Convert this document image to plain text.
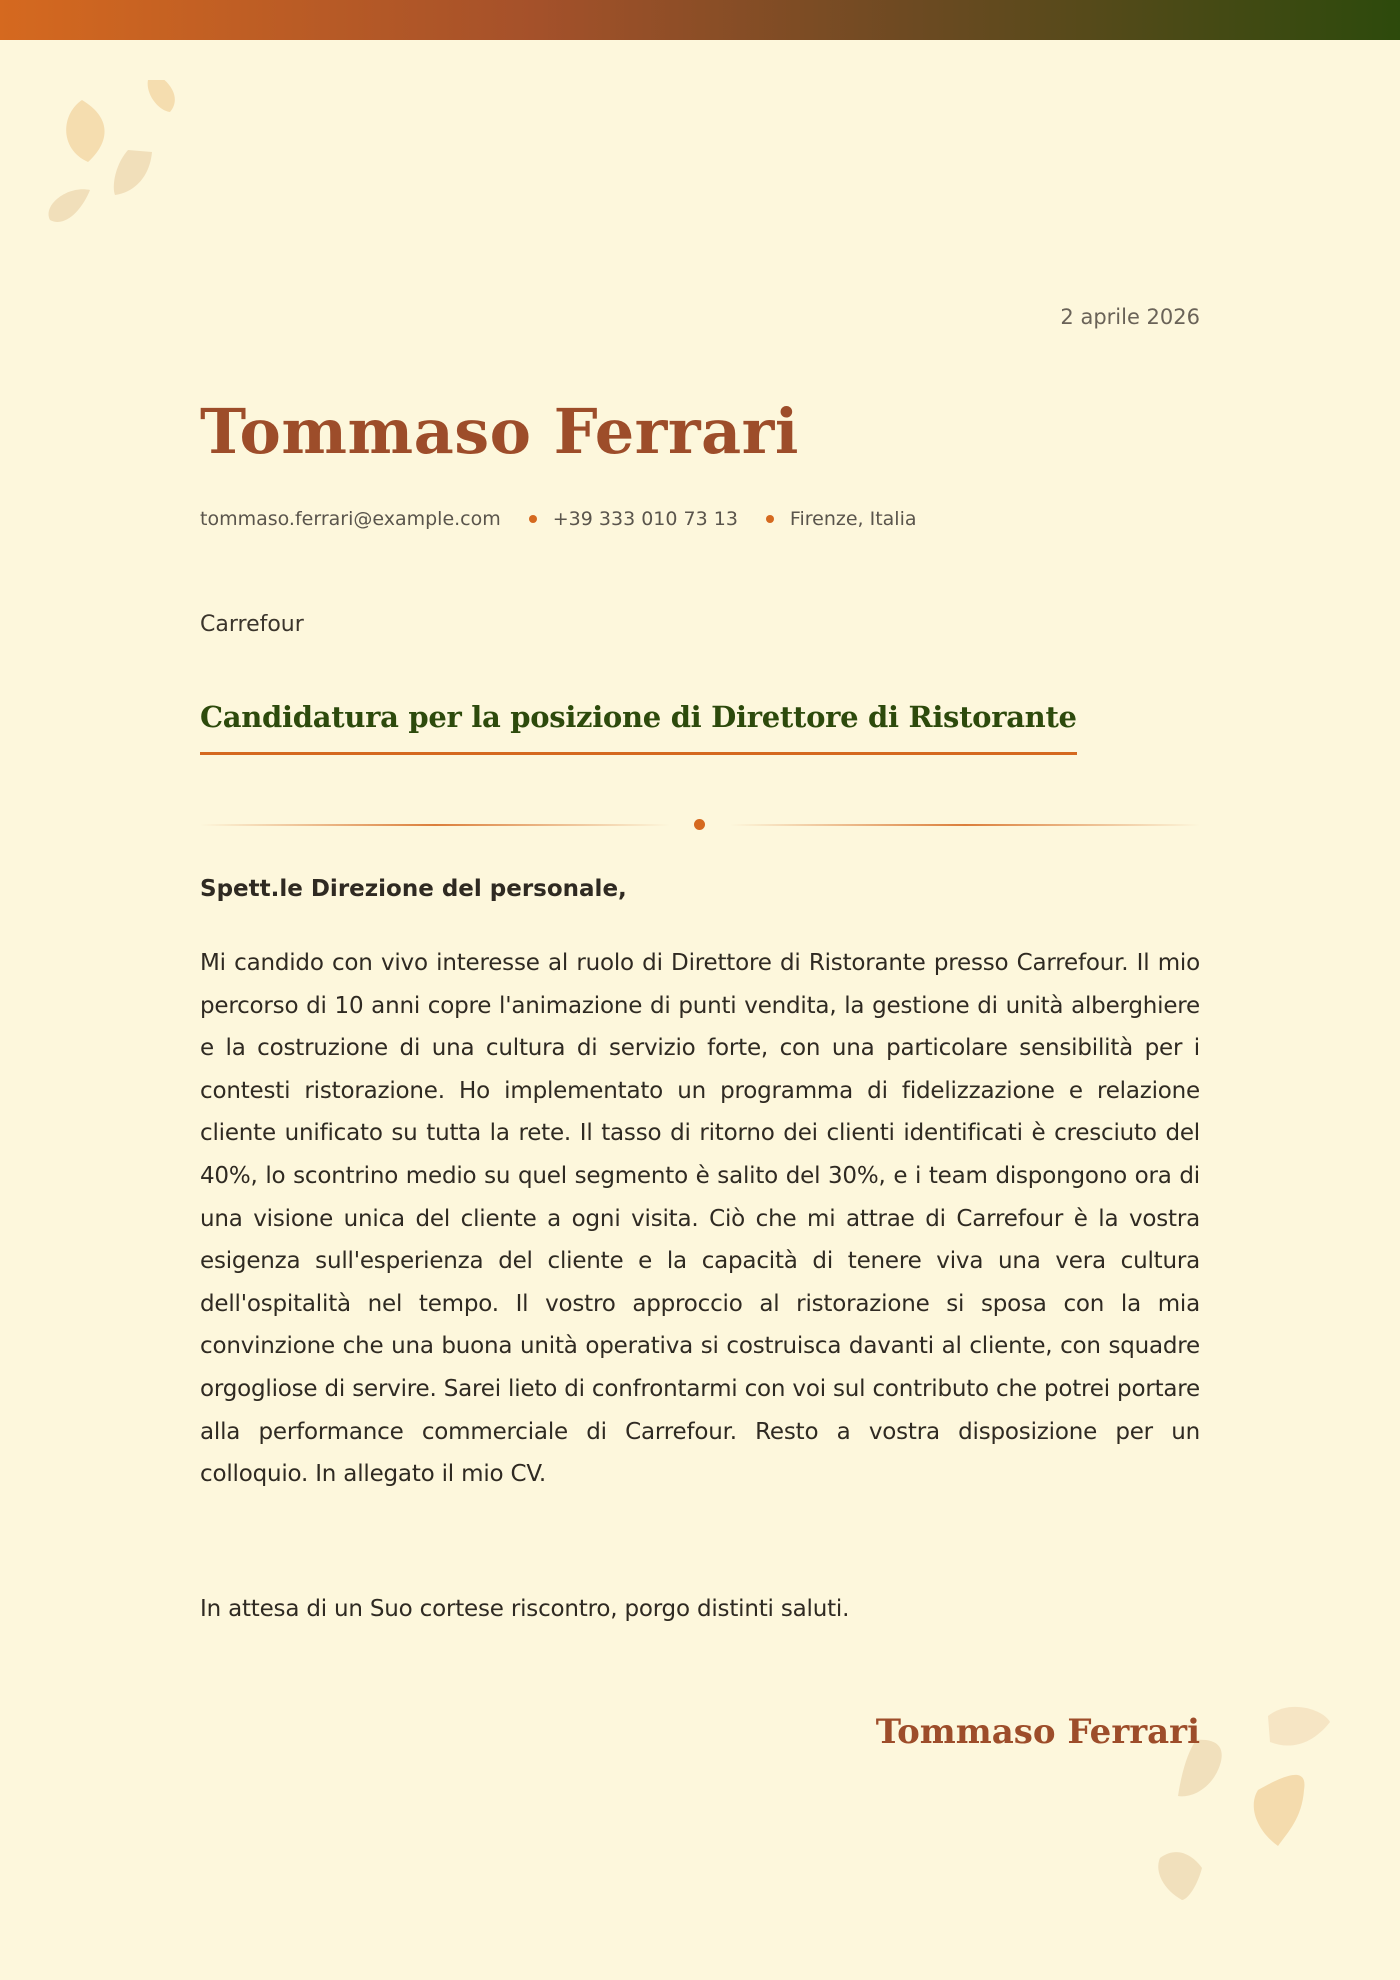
2 aprile 2026
Tommaso Ferrari
tommaso.ferrari@example.com	+39 333 010 73 13	Firenze, Italia
Carrefour
Candidatura per la posizione di Direttore di Ristorante
Spett.le Direzione del personale,

Mi candido con vivo interesse al ruolo di Direttore di Ristorante presso Carrefour. Il mio percorso di 10 anni copre l'animazione di punti vendita, la gestione di unità alberghiere e la costruzione di una cultura di servizio forte, con una particolare sensibilità per i contesti ristorazione. Ho implementato un programma di fidelizzazione e relazione cliente unificato su tutta la rete. Il tasso di ritorno dei clienti identificati è cresciuto del 40%, lo scontrino medio su quel segmento è salito del 30%, e i team dispongono ora di una visione unica del cliente a ogni visita. Ciò che mi attrae di Carrefour è la vostra esigenza sull'esperienza del cliente e la capacità di tenere viva una vera cultura dell'ospitalità nel tempo. Il vostro approccio al ristorazione si sposa con la mia convinzione che una buona unità operativa si costruisca davanti al cliente, con squadre orgogliose di servire. Sarei lieto di confrontarmi con voi sul contributo che potrei portare alla performance commerciale di Carrefour. Resto a vostra disposizione per un colloquio. In allegato il mio CV.

In attesa di un Suo cortese riscontro, porgo distinti saluti.
Tommaso Ferrari
